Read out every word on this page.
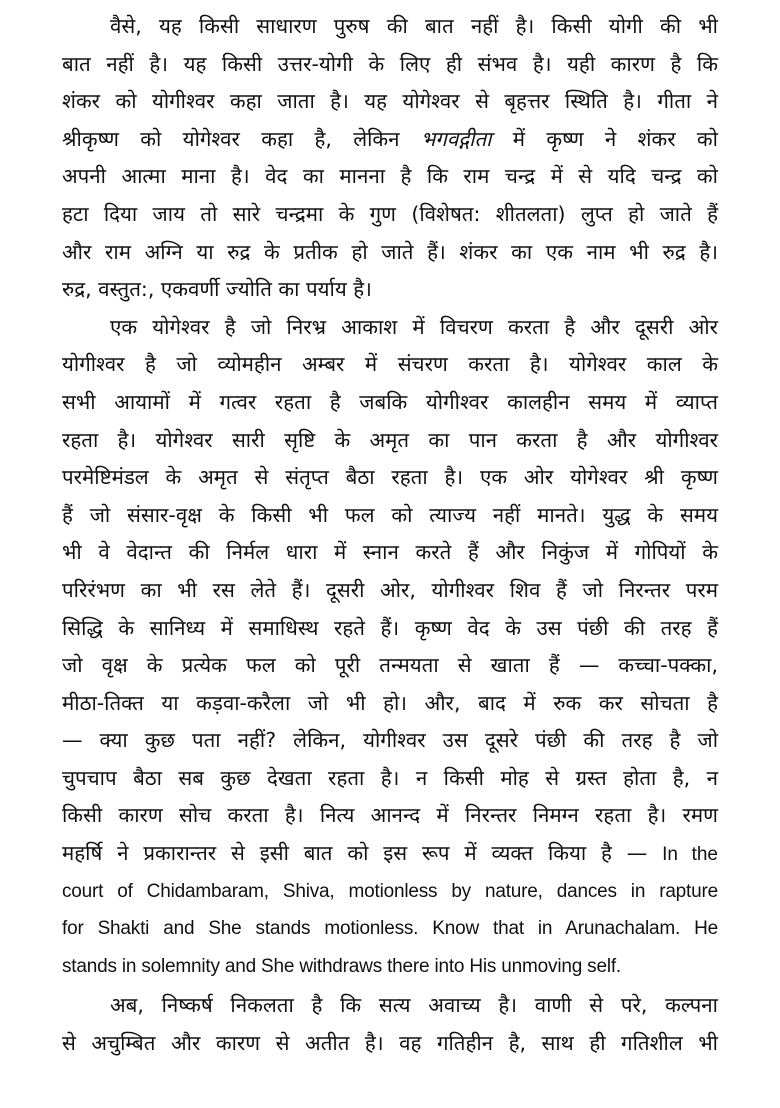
वैसे, यह किसी साधारण पुरुष की बात नहीं है। किसी योगी की भी
बात नहीं है। यह किसी उत्तर-योगी के लिए ही संभव है। यही कारण है कि
शंकर को योगीश्वर कहा जाता है। यह योगेश्वर से बृहत्तर स्थिति है। गीता ने
श्रीकृष्ण को योगेश्वर कहा है, लेकिन भगवद्गीता में कृष्ण ने शंकर को
अपनी आत्मा माना है। वेद का मानना है कि राम चन्द्र में से यदि चन्द्र को
हटा दिया जाय तो सारे चन्द्रमा के गुण (विशेषत: शीतलता) लुप्त हो जाते हैं
और राम अग्नि या रुद्र के प्रतीक हो जाते हैं। शंकर का एक नाम भी रुद्र है।
रुद्र, वस्तुत:, एकवर्णी ज्योति का पर्याय है।
एक योगेश्वर है जो निरभ्र आकाश में विचरण करता है और दूसरी ओर
योगीश्वर है जो व्योमहीन अम्बर में संचरण करता है। योगेश्वर काल के
सभी आयामों में गत्वर रहता है जबकि योगीश्वर कालहीन समय में व्याप्त
रहता है। योगेश्वर सारी सृष्टि के अमृत का पान करता है और योगीश्वर
परमेष्टिमंडल के अमृत से संतृप्त बैठा रहता है। एक ओर योगेश्वर श्री कृष्ण
हैं जो संसार-वृक्ष के किसी भी फल को त्याज्य नहीं मानते। युद्ध के समय
भी वे वेदान्त की निर्मल धारा में स्नान करते हैं और निकुंज में गोपियों के
परिरंभण का भी रस लेते हैं। दूसरी ओर, योगीश्वर शिव हैं जो निरन्तर परम
सिद्धि के सानिध्य में समाधिस्थ रहते हैं। कृष्ण वेद के उस पंछी की तरह हैं
जो वृक्ष के प्रत्येक फल को पूरी तन्मयता से खाता हैं — कच्चा-पक्का,
मीठा-तिक्त या कड़वा-करैला जो भी हो। और, बाद में रुक कर सोचता है
— क्या कुछ पता नहीं? लेकिन, योगीश्वर उस दूसरे पंछी की तरह है जो
चुपचाप बैठा सब कुछ देखता रहता है। न किसी मोह से ग्रस्त होता है, न
किसी कारण सोच करता है। नित्य आनन्द में निरन्तर निमग्न रहता है। रमण
महर्षि ने प्रकारान्तर से इसी बात को इस रूप में व्यक्त किया है — In the
court of Chidambaram, Shiva, motionless by nature, dances in rapture
for Shakti and She stands motionless. Know that in Arunachalam. He
stands in solemnity and She withdraws there into His unmoving self.
अब, निष्कर्ष निकलता है कि सत्य अवाच्य है। वाणी से परे, कल्पना
से अचुम्बित और कारण से अतीत है। वह गतिहीन है, साथ ही गतिशील भी
